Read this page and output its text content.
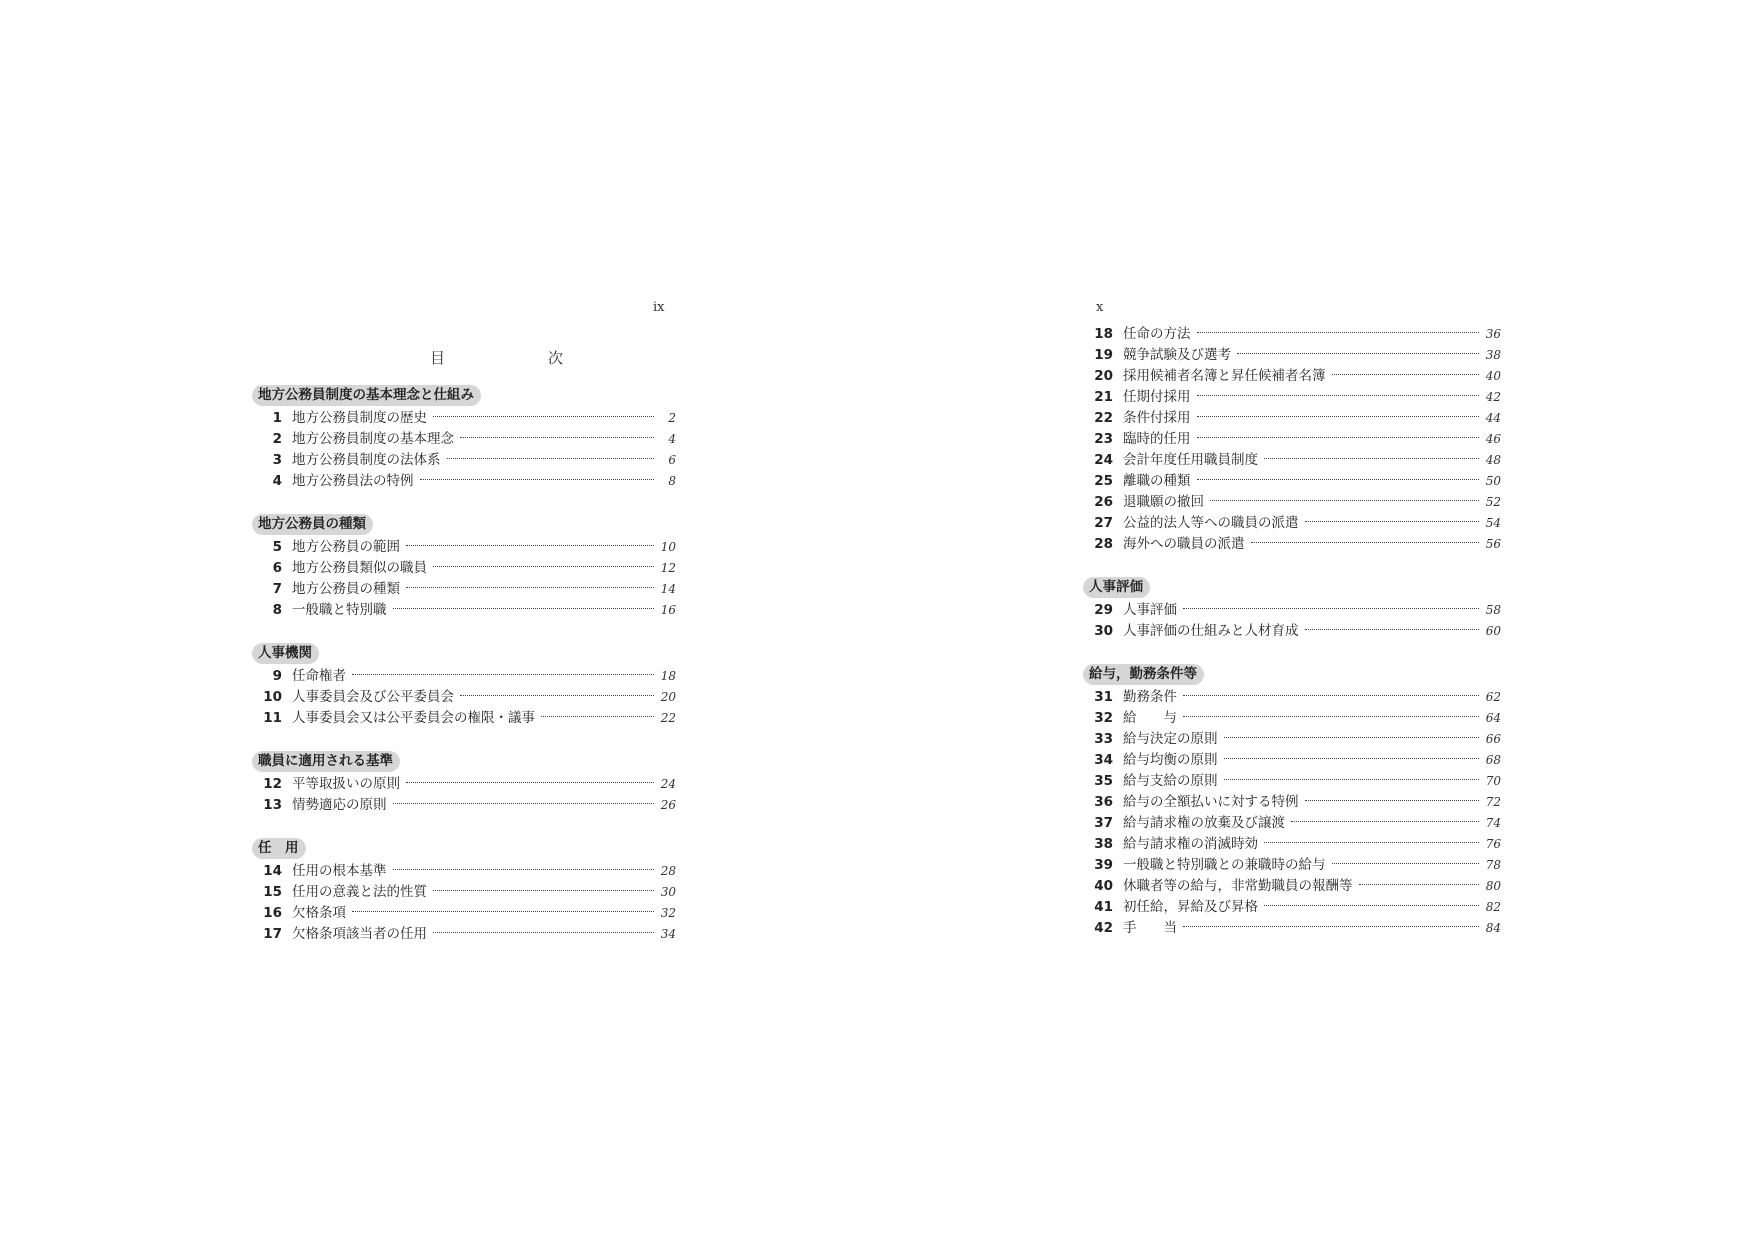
ix
目　次
地方公務員制度の基本理念と仕組み
1 地方公務員制度の歴史	2
2 地方公務員制度の基本理念	4
3 地方公務員制度の法体系	6
4 地方公務員法の特例	8
地方公務員の種類
5 地方公務員の範囲	10
6 地方公務員類似の職員	12
7 地方公務員の種類	14
8 一般職と特別職	16
人事機関
9 任命権者	18
10 人事委員会及び公平委員会	20
11 人事委員会又は公平委員会の権限・議事	22
職員に適用される基準
12 平等取扱いの原則	24
13 情勢適応の原則	26
任　用
14 任用の根本基準	28
15 任用の意義と法的性質	30
16 欠格条項	32
17 欠格条項該当者の任用	34
x
18 任命の方法	36
19 競争試験及び選考	38
20 採用候補者名簿と昇任候補者名簿	40
21 任期付採用	42
22 条件付採用	44
23 臨時的任用	46
24 会計年度任用職員制度	48
25 離職の種類	50
26 退職願の撤回	52
27 公益的法人等への職員の派遣	54
28 海外への職員の派遣	56
人事評価
29 人事評価	58
30 人事評価の仕組みと人材育成	60
給与，勤務条件等
31 勤務条件	62
32 給　　与	64
33 給与決定の原則	66
34 給与均衡の原則	68
35 給与支給の原則	70
36 給与の全額払いに対する特例	72
37 給与請求権の放棄及び譲渡	74
38 給与請求権の消滅時効	76
39 一般職と特別職との兼職時の給与	78
40 休職者等の給与，非常勤職員の報酬等	80
41 初任給，昇給及び昇格	82
42 手　　当	84
